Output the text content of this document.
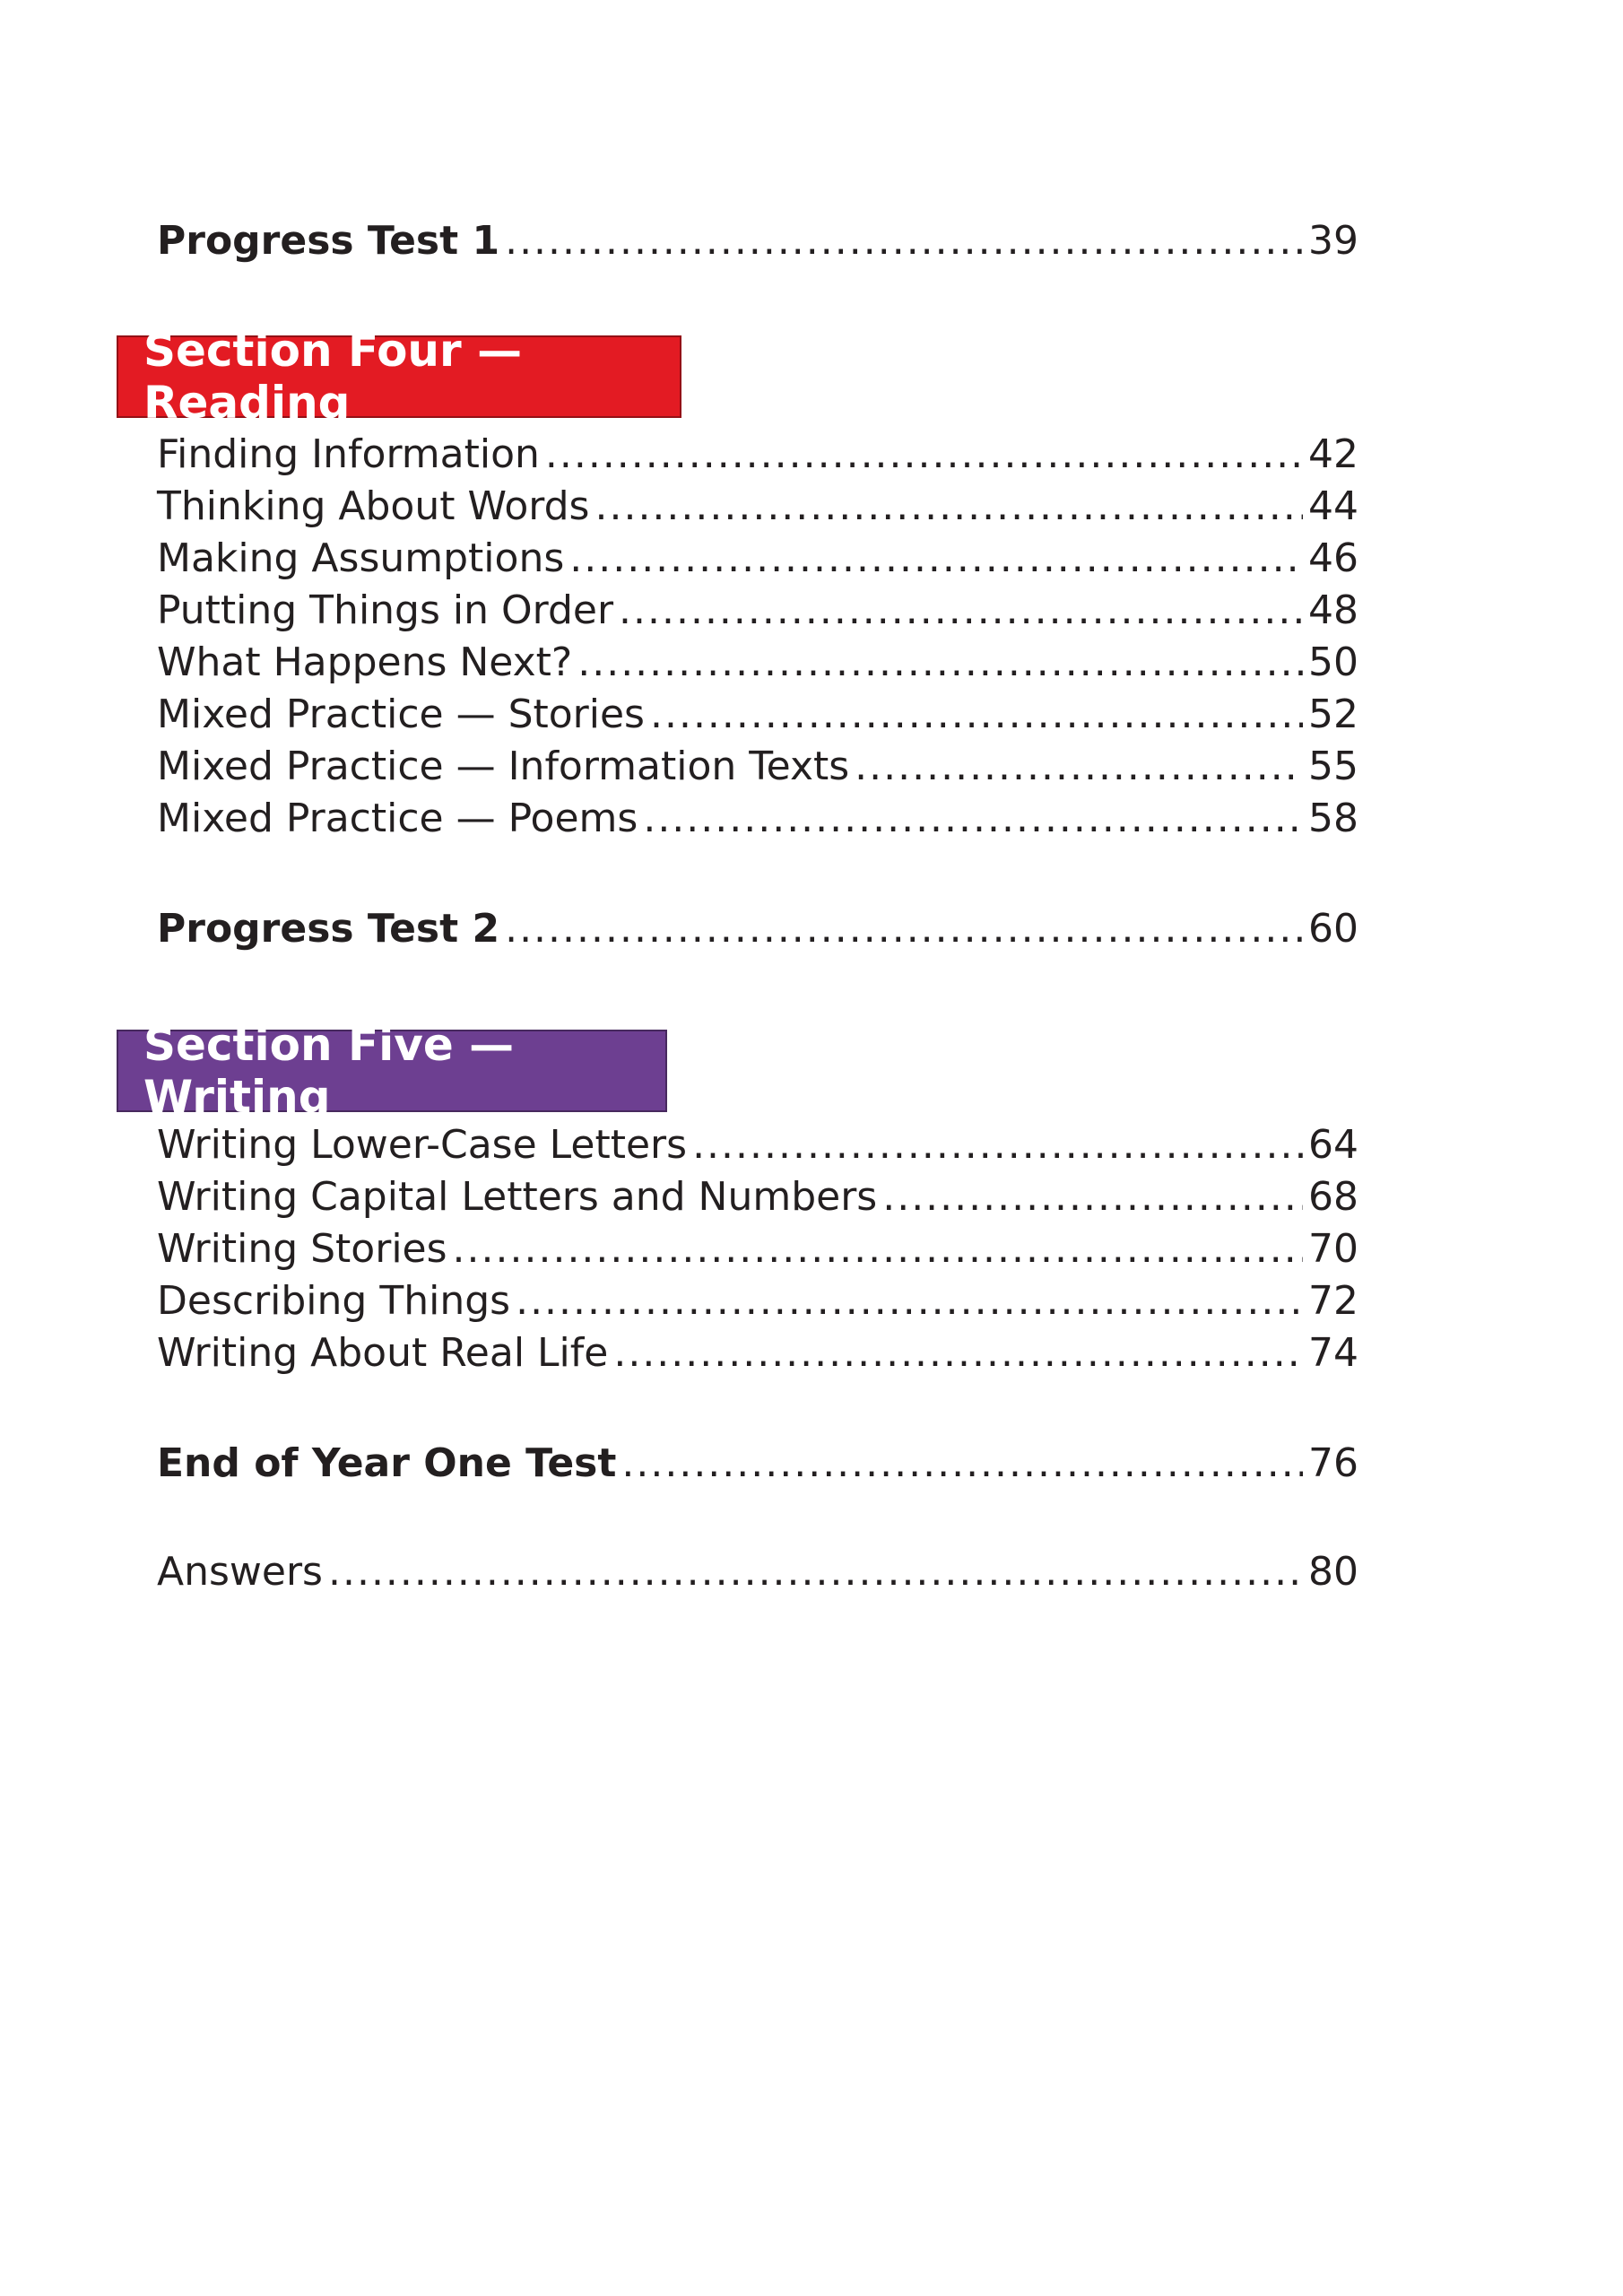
Progress Test 1 .....	39
Section Four — Reading
Finding Information .....	42
Thinking About Words .....	44
Making Assumptions .....	46
Putting Things in Order .....	48
What Happens Next? .....	50
Mixed Practice — Stories .....	52
Mixed Practice — Information Texts .....	55
Mixed Practice — Poems .....	58
Progress Test 2 .....	60
Section Five — Writing
Writing Lower-Case Letters .....	64
Writing Capital Letters and Numbers .....	68
Writing Stories .....	70
Describing Things .....	72
Writing About Real Life .....	74
End of Year One Test .....	76
Answers .....	80
